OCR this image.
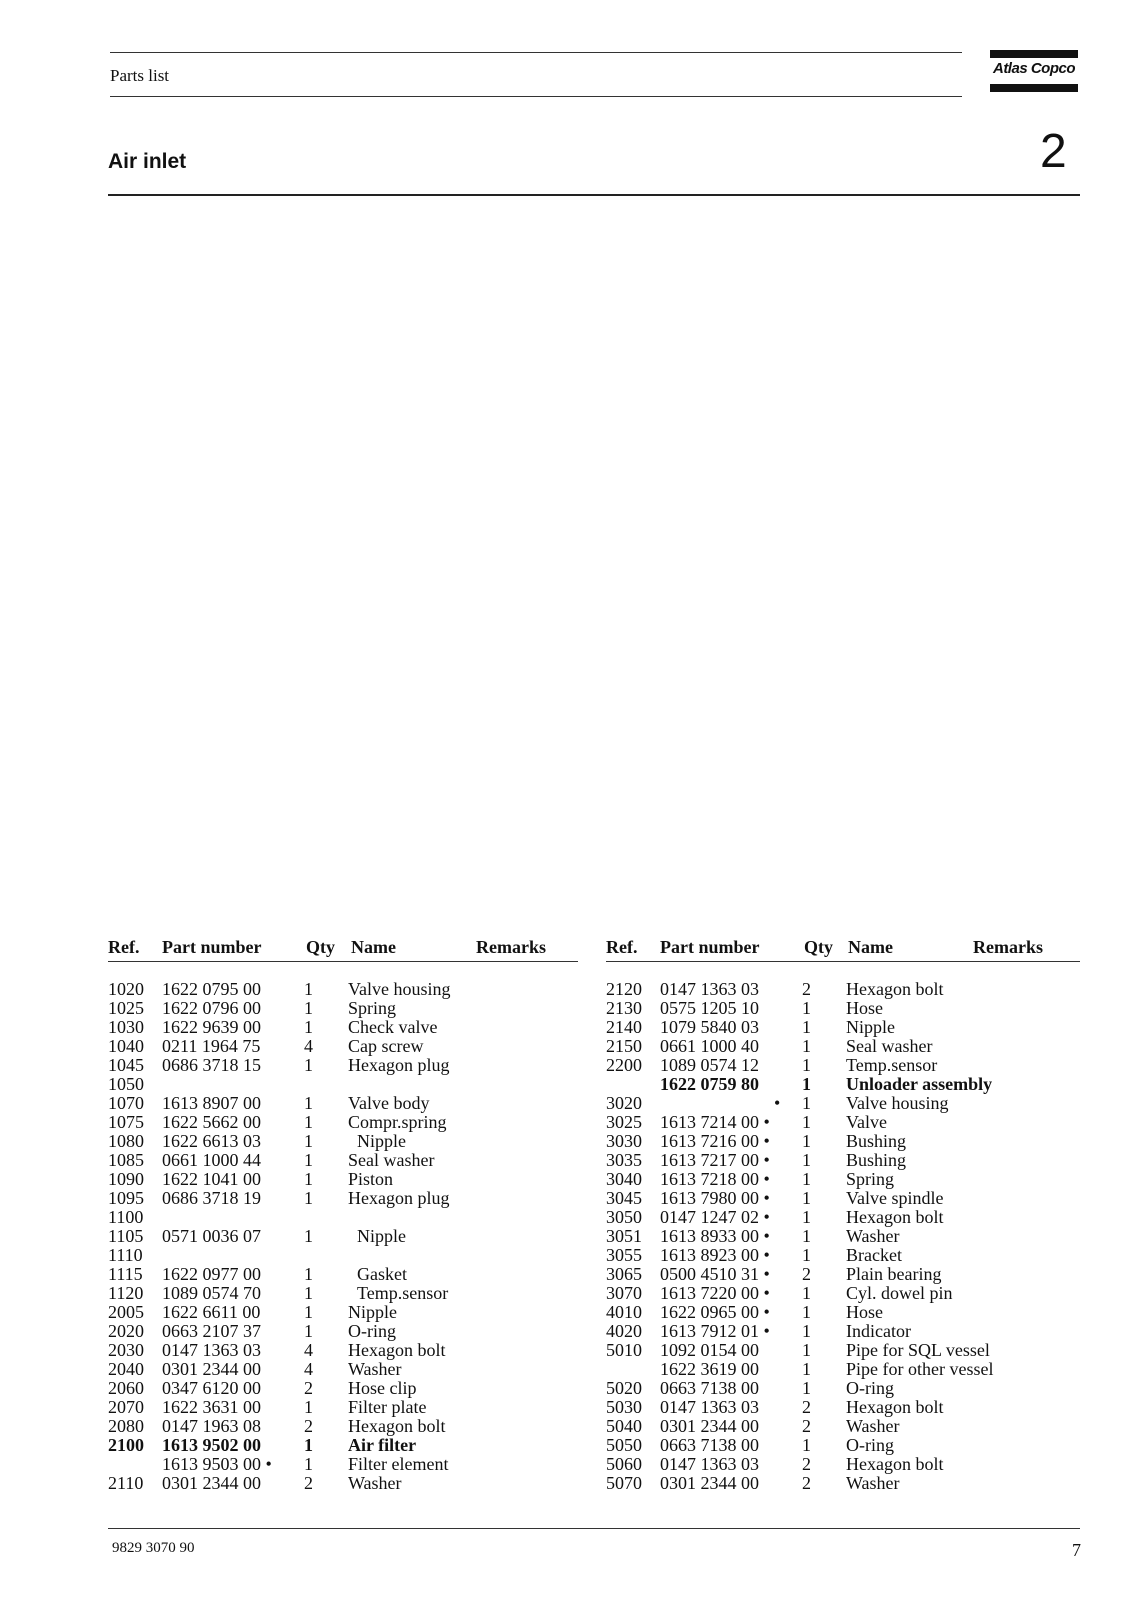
Parts list	Atlas Copco
Air inlet	2
Ref. Part number Qty Name	Remarks	Ref. Part number Qty Name	Remarks
1020 1622 0795 00 1 Valve housing
1025 1622 0796 00 1 Spring
1030 1622 9639 00 1 Check valve
1040 0211 1964 75 4 Cap screw
1045 0686 3718 15 1 Hexagon plug
1050
1070 1613 8907 00 1 Valve body
1075 1622 5662 00 1 Compr.spring
1080 1622 6613 03 1 Nipple
1085 0661 1000 44 1 Seal washer
1090 1622 1041 00 1 Piston
1095 0686 3718 19 1 Hexagon plug
1100
1105 0571 0036 07 1 Nipple
1110
1115 1622 0977 00 1 Gasket
1120 1089 0574 70 1 Temp.sensor
2005 1622 6611 00 1 Nipple
2020 0663 2107 37 1 O-ring
2030 0147 1363 03 4 Hexagon bolt
2040 0301 2344 00 4 Washer
2060 0347 6120 00 2 Hose clip
2070 1622 3631 00 1 Filter plate
2080 0147 1963 08 2 Hexagon bolt
2100 1613 9502 00 1 Air filter
1613 9503 00 • 1 Filter element
2110 0301 2344 00 2 Washer
2120 0147 1363 03 2 Hexagon bolt
2130 0575 1205 10 1 Hose
2140 1079 5840 03 1 Nipple
2150 0661 1000 40 1 Seal washer
2200 1089 0574 12 1 Temp.sensor
1622 0759 80 1 Unloader assembly
3020	• 1 Valve housing
3025 1613 7214 00 • 1 Valve
3030 1613 7216 00 • 1 Bushing
3035 1613 7217 00 • 1 Bushing
3040 1613 7218 00 • 1 Spring
3045 1613 7980 00 • 1 Valve spindle
3050 0147 1247 02 • 1 Hexagon bolt
3051 1613 8933 00 • 1 Washer
3055 1613 8923 00 • 1 Bracket
3065 0500 4510 31 • 2 Plain bearing
3070 1613 7220 00 • 1 Cyl. dowel pin
4010 1622 0965 00 • 1 Hose
4020 1613 7912 01 • 1 Indicator
5010 1092 0154 00 1 Pipe for SQL vessel
1622 3619 00 1 Pipe for other vessel
5020 0663 7138 00 1 O-ring
5030 0147 1363 03 2 Hexagon bolt
5040 0301 2344 00 2 Washer
5050 0663 7138 00 1 O-ring
5060 0147 1363 03 2 Hexagon bolt
5070 0301 2344 00 2 Washer
9829 3070 90	7
